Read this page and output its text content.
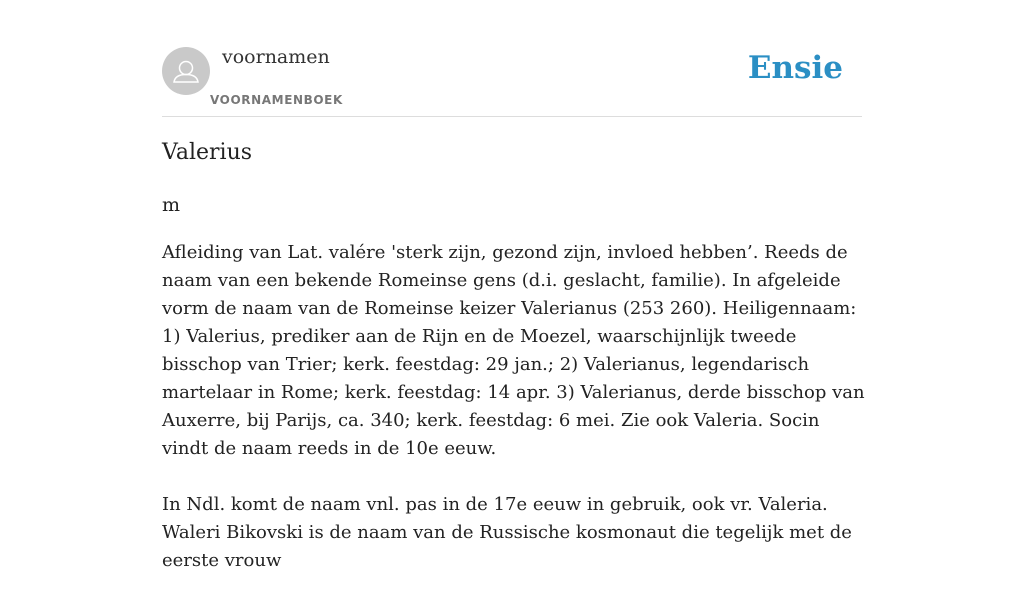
voornamen
VOORNAMENBOEK
Ensie
Valerius
m

Afleiding van Lat. valére 'sterk zijn, gezond zijn, invloed hebben’. Reeds de naam van een bekende Romeinse gens (d.i. geslacht, familie). In afgeleide vorm de naam van de Romeinse keizer Valerianus (253 260). Heiligennaam: 1) Valerius, prediker aan de Rijn en de Moezel, waarschijnlijk tweede bisschop van Trier; kerk. feestdag: 29 jan.; 2) Valerianus, legendarisch martelaar in Rome; kerk. feestdag: 14 apr. 3) Valerianus, derde bisschop van Auxerre, bij Parijs, ca. 340; kerk. feestdag: 6 mei. Zie ook Valeria. Socin vindt de naam reeds in de 10e eeuw.

In Ndl. komt de naam vnl. pas in de 17e eeuw in gebruik, ook vr. Valeria. Waleri Bikovski is de naam van de Russische kosmonaut die tegelijk met de eerste vrouw
